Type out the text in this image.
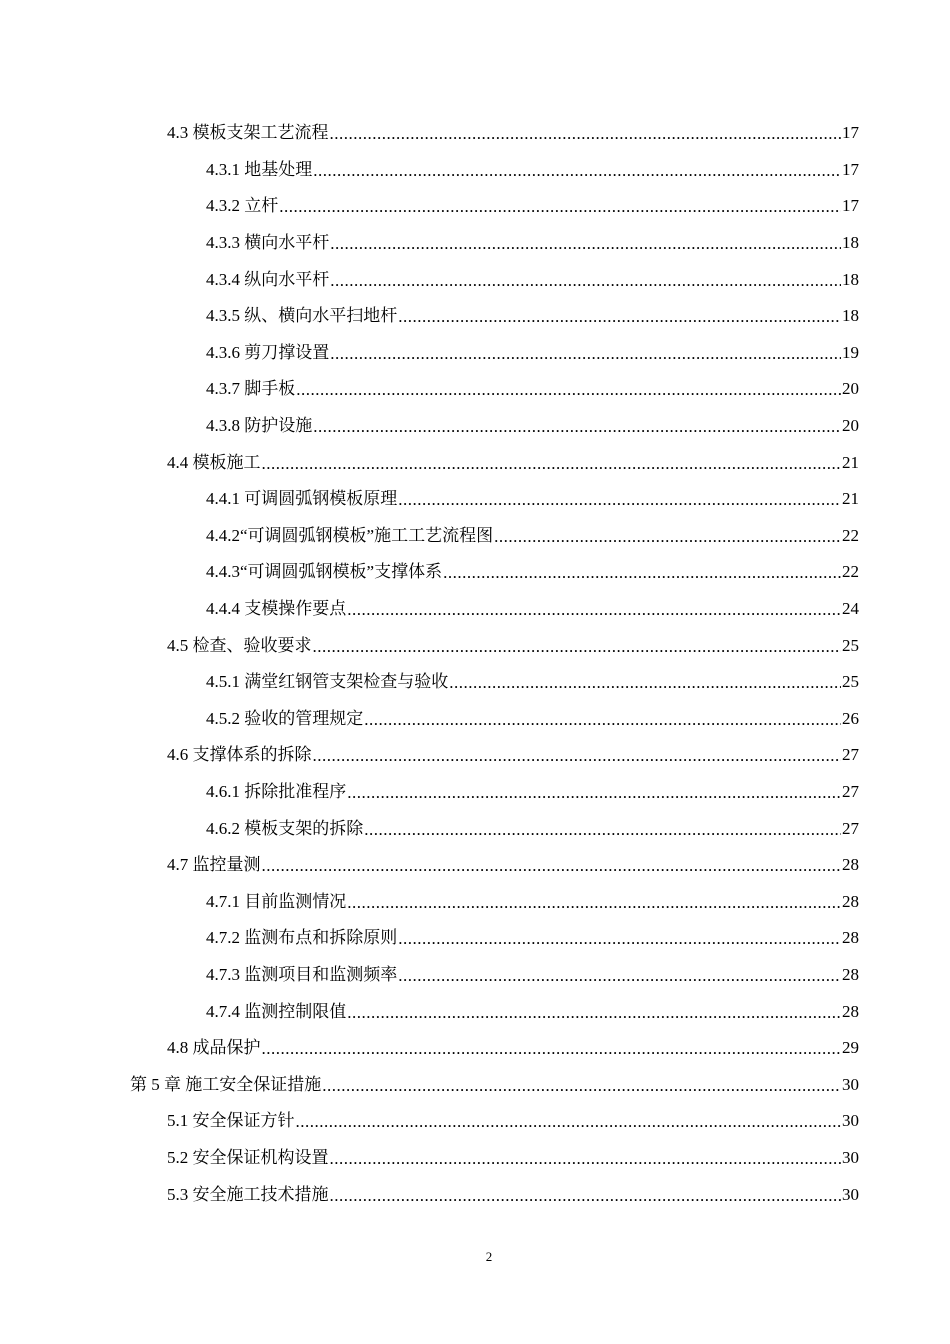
4.3 模板支架工艺流程 .....	17
4.3.1 地基处理 .....	17
4.3.2 立杆 .....	17
4.3.3 横向水平杆 .....	18
4.3.4 纵向水平杆 .....	18
4.3.5 纵、横向水平扫地杆 .....	18
4.3.6 剪刀撑设置 .....	19
4.3.7 脚手板 .....	20
4.3.8 防护设施 .....	20
4.4 模板施工 .....	21
4.4.1 可调圆弧钢模板原理 .....	21
4.4.2“可调圆弧钢模板”施工工艺流程图 .....	22
4.4.3“可调圆弧钢模板”支撑体系 .....	22
4.4.4 支模操作要点 .....	24
4.5 检查、验收要求 .....	25
4.5.1 满堂红钢管支架检查与验收 .....	25
4.5.2 验收的管理规定 .....	26
4.6 支撑体系的拆除 .....	27
4.6.1 拆除批准程序 .....	27
4.6.2 模板支架的拆除 .....	27
4.7 监控量测 .....	28
4.7.1 目前监测情况 .....	28
4.7.2 监测布点和拆除原则 .....	28
4.7.3 监测项目和监测频率 .....	28
4.7.4 监测控制限值 .....	28
4.8 成品保护 .....	29
第 5 章 施工安全保证措施 .....	30
5.1 安全保证方针 .....	30
5.2 安全保证机构设置 .....	30
5.3 安全施工技术措施 .....	30
2
